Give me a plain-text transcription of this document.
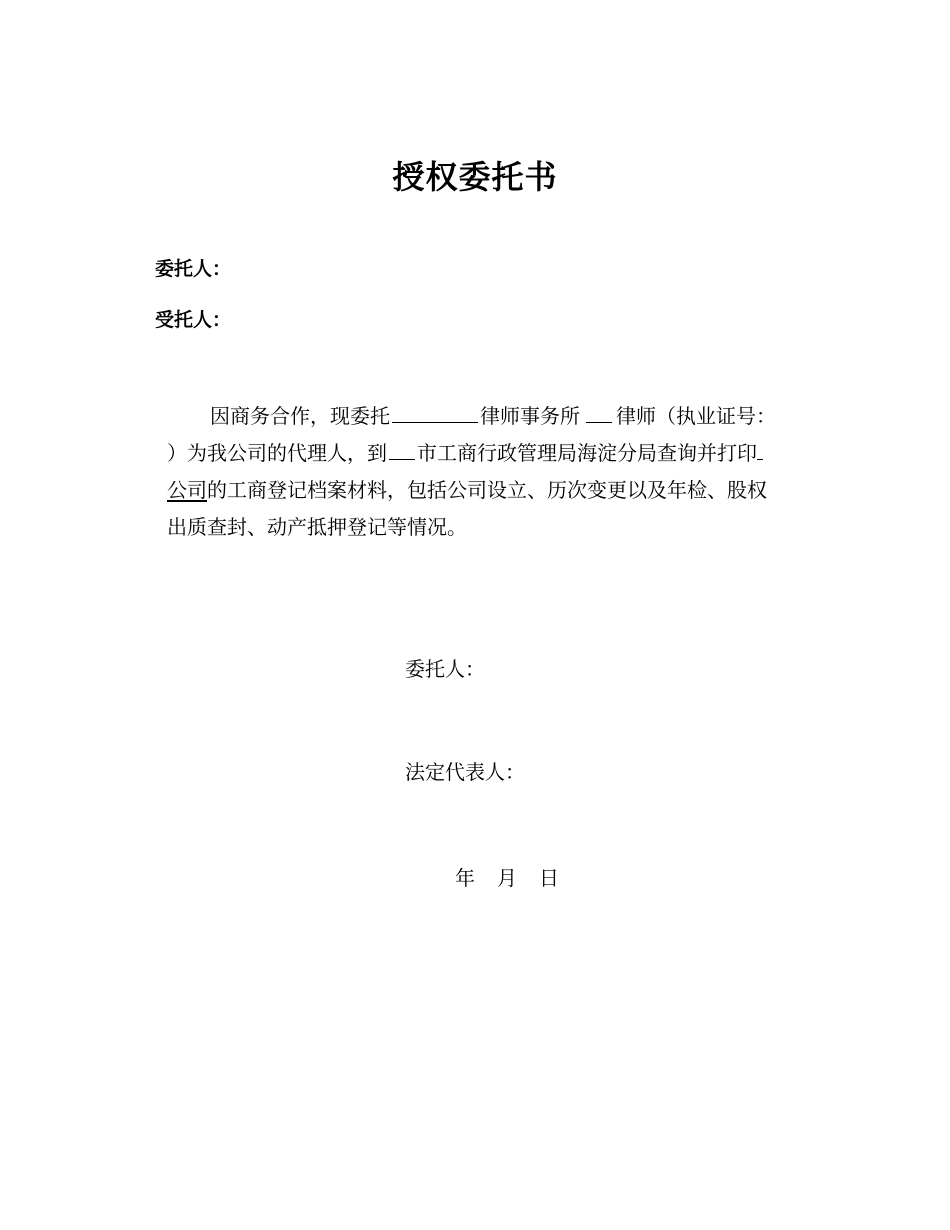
授权委托书
委托人：
受托人：
因商务合作，现委托	律师事务所 律师（执业证号：
）为我公司的代理人，到 市工商行政管理局海淀分局查询并打印
公司的工商登记档案材料，包括公司设立、历次变更以及年检、股权
出质查封、动产抵押登记等情况。
委托人：
法定代表人：
年 月 日
